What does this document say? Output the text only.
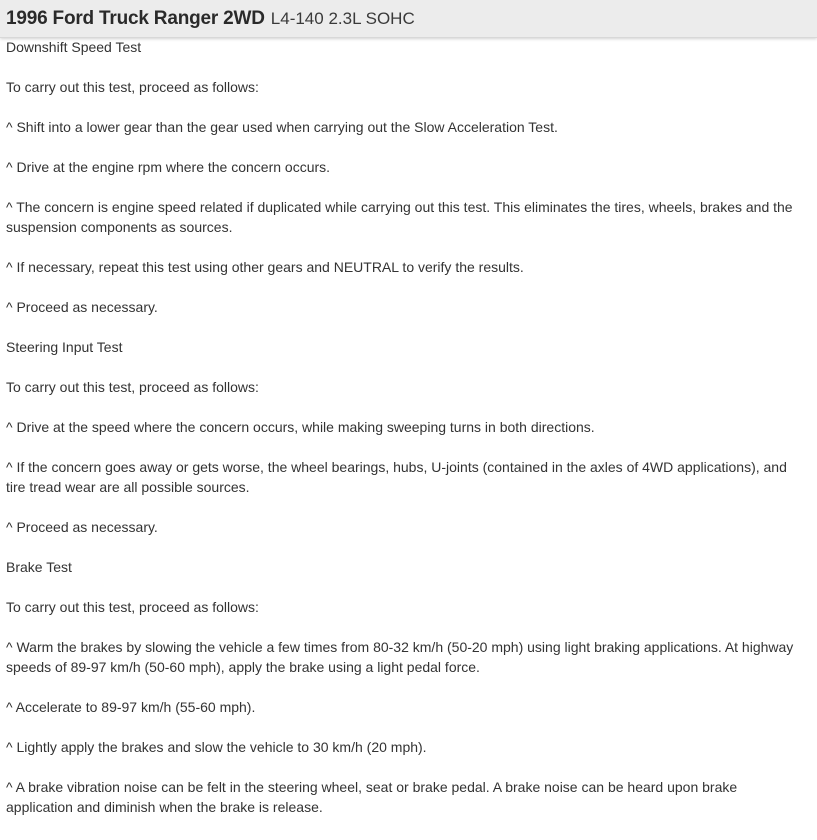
1996 Ford Truck Ranger 2WD L4-140 2.3L SOHC

Downshift Speed Test

To carry out this test, proceed as follows:

^ Shift into a lower gear than the gear used when carrying out the Slow Acceleration Test.

^ Drive at the engine rpm where the concern occurs.

^ The concern is engine speed related if duplicated while carrying out this test. This eliminates the tires, wheels, brakes and the suspension components as sources.

^ If necessary, repeat this test using other gears and NEUTRAL to verify the results.

^ Proceed as necessary.

Steering Input Test

To carry out this test, proceed as follows:

^ Drive at the speed where the concern occurs, while making sweeping turns in both directions.

^ If the concern goes away or gets worse, the wheel bearings, hubs, U-joints (contained in the axles of 4WD applications), and tire tread wear are all possible sources.

^ Proceed as necessary.

Brake Test

To carry out this test, proceed as follows:

^ Warm the brakes by slowing the vehicle a few times from 80-32 km/h (50-20 mph) using light braking applications. At highway speeds of 89-97 km/h (50-60 mph), apply the brake using a light pedal force.

^ Accelerate to 89-97 km/h (55-60 mph).

^ Lightly apply the brakes and slow the vehicle to 30 km/h (20 mph).

^ A brake vibration noise can be felt in the steering wheel, seat or brake pedal. A brake noise can be heard upon brake application and diminish when the brake is release.
